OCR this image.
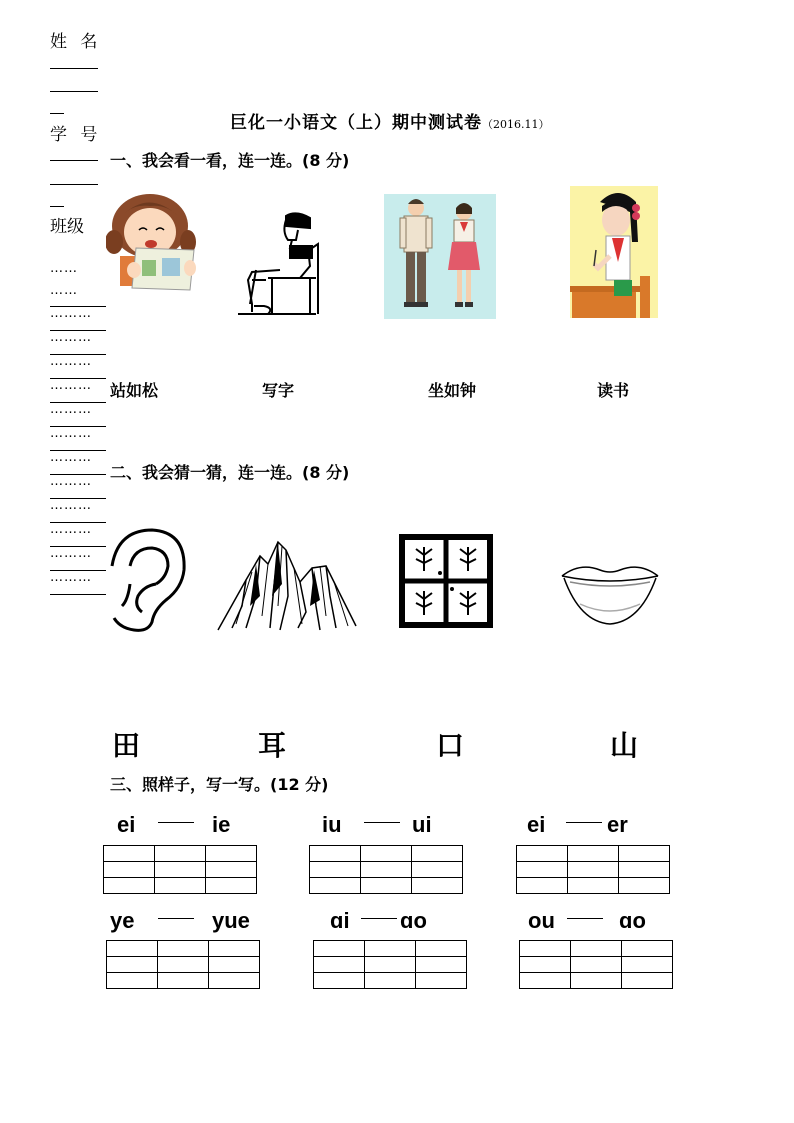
姓 名
学 号
班级
……
……
………
………
………
………
………
………
………
………
………
………
………
………
巨化一小语文（上）期中测试卷（2016.11）
一、我会看一看，连一连。(8 分)
站如松	写字	坐如钟	读书
二、我会猜一猜，连一连。(8 分)
田	耳	口	山
三、照样子，写一写。(12 分)
ei	ie	iu	ui	ei	er

ye	yue	ɑi ɑo	ou	ɑo
